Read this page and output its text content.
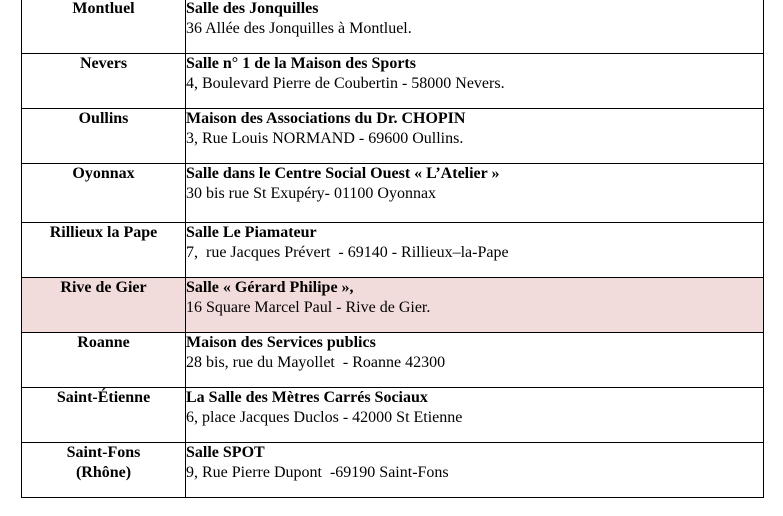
Montluel	Salle des Jonquilles
36 Allée des Jonquilles à Montluel.

Nevers	Salle n° 1 de la Maison des Sports
4, Boulevard Pierre de Coubertin - 58000 Nevers.

Oullins	Maison des Associations du Dr. CHOPIN
3, Rue Louis NORMAND - 69600 Oullins.

Oyonnax	Salle dans le Centre Social Ouest « L’Atelier »
30 bis rue St Exupéry- 01100 Oyonnax

Rillieux la Pape	Salle Le Piamateur
7,  rue Jacques Prévert  - 69140 - Rillieux–la-Pape

Rive de Gier	Salle « Gérard Philipe »,
16 Square Marcel Paul - Rive de Gier.

Roanne	Maison des Services publics
28 bis, rue du Mayollet  - Roanne 42300

Saint-Étienne	La Salle des Mètres Carrés Sociaux
6, place Jacques Duclos - 42000 St Etienne

Saint-Fons
(Rhône)	Salle SPOT
9, Rue Pierre Dupont  -69190 Saint-Fons
